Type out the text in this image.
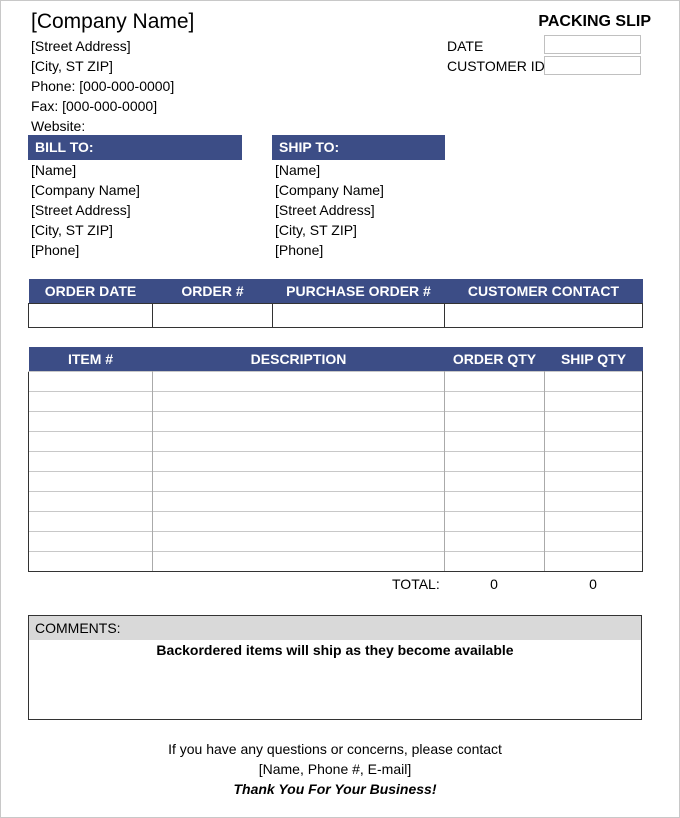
[Company Name]
[Street Address]
[City, ST ZIP]
Phone: [000-000-0000]
Fax: [000-000-0000]
Website:
PACKING SLIP
DATE
CUSTOMER ID
BILL TO:
[Name]
[Company Name]
[Street Address]
[City, ST ZIP]
[Phone]
SHIP TO:
[Name]
[Company Name]
[Street Address]
[City, ST ZIP]
[Phone]
ORDER DATE	ORDER #	PURCHASE ORDER #	CUSTOMER CONTACT

ITEM #	DESCRIPTION	ORDER QTY	SHIP QTY

TOTAL:	0	0
COMMENTS:
Backordered items will ship as they become available
If you have any questions or concerns, please contact
[Name, Phone #, E-mail]
Thank You For Your Business!
